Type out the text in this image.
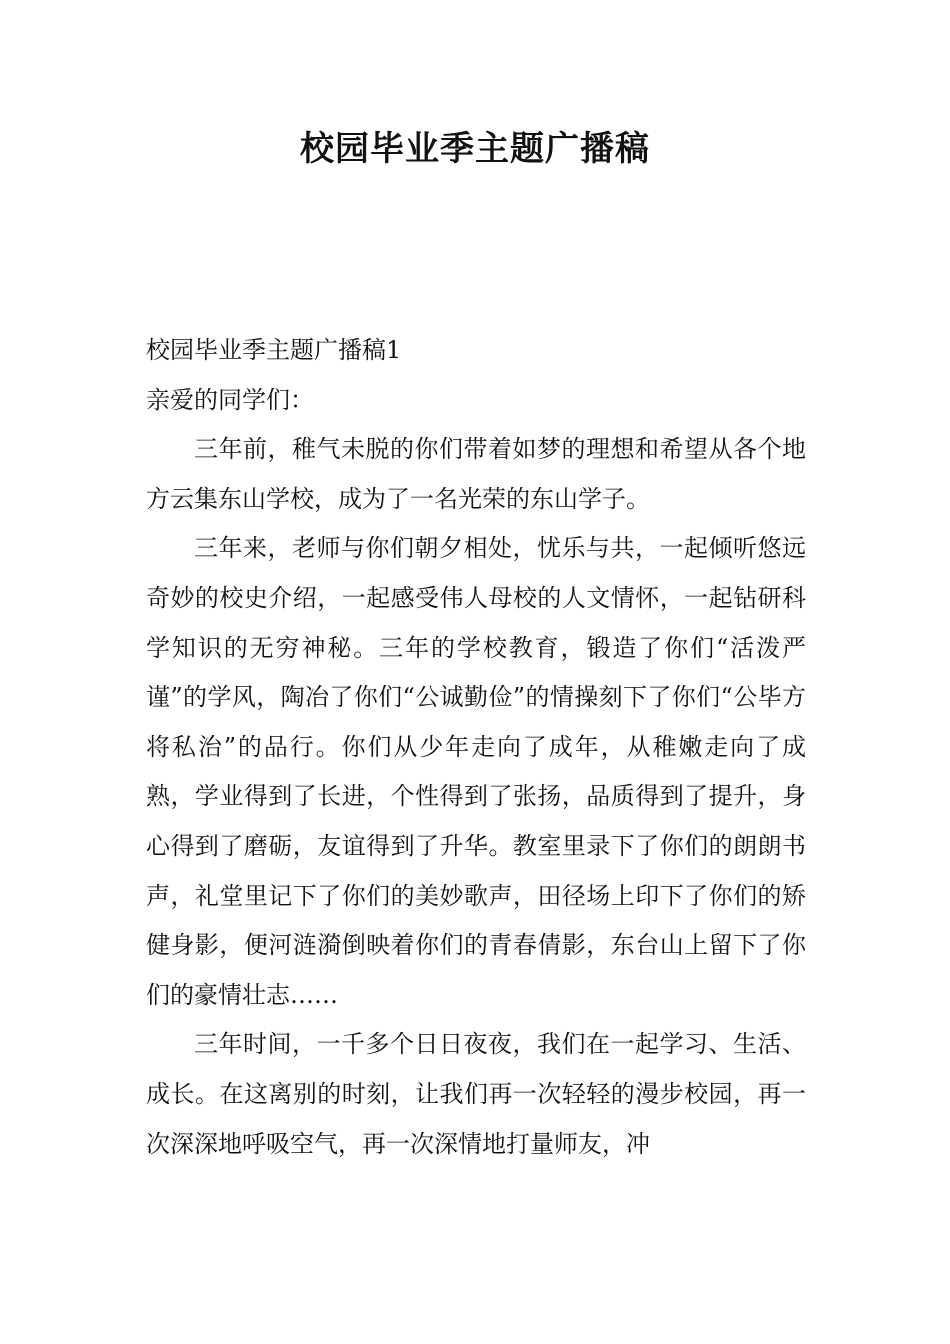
校园毕业季主题广播稿

校园毕业季主题广播稿1

亲爱的同学们：

三年前，稚气未脱的你们带着如梦的理想和希望从各个地方云集东山学校，成为了一名光荣的东山学子。

三年来，老师与你们朝夕相处，忧乐与共，一起倾听悠远奇妙的校史介绍，一起感受伟人母校的人文情怀，一起钻研科学知识的无穷神秘。三年的学校教育，锻造了你们“活泼严谨”的学风，陶冶了你们“公诚勤俭”的情操刻下了你们“公毕方将私治”的品行。你们从少年走向了成年，从稚嫩走向了成熟，学业得到了长进，个性得到了张扬，品质得到了提升，身心得到了磨砺，友谊得到了升华。教室里录下了你们的朗朗书声，礼堂里记下了你们的美妙歌声，田径场上印下了你们的矫健身影，便河涟漪倒映着你们的青春倩影，东台山上留下了你们的豪情壮志……

三年时间，一千多个日日夜夜，我们在一起学习、生活、成长。在这离别的时刻，让我们再一次轻轻的漫步校园，再一次深深地呼吸空气，再一次深情地打量师友，冲
